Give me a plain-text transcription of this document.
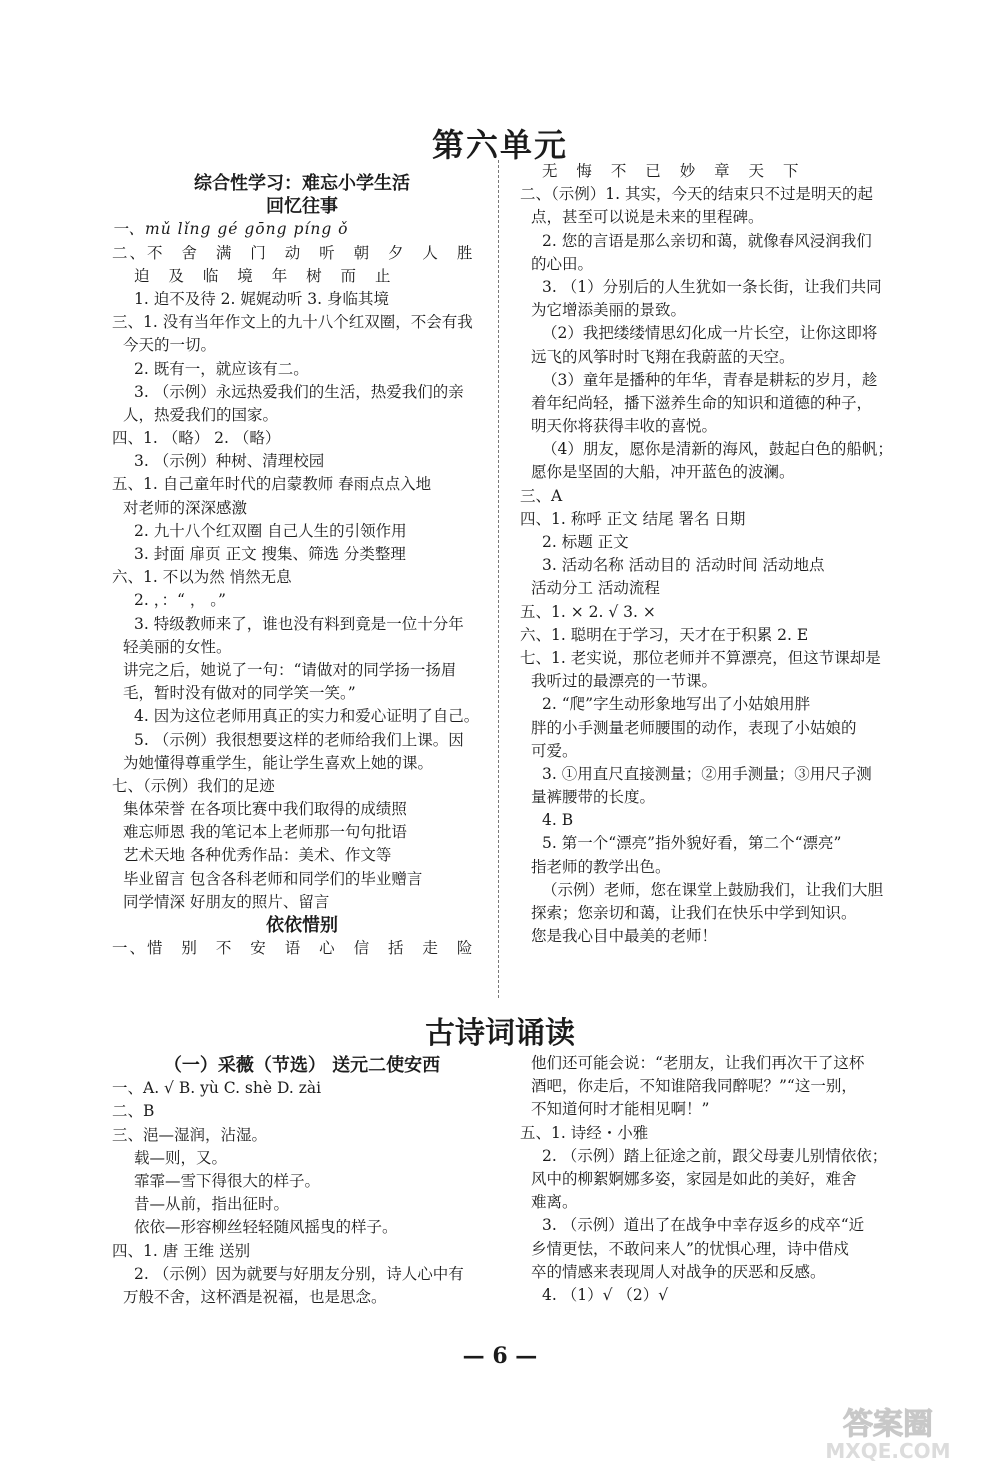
第六单元
综合性学习：难忘小学生活
回忆往事
一、mǔ lǐng gé gōng píng ǒ
二、不 舍 满 门 动 听 朝 夕 人 胜
迫 及 临 境 年 树 而 止
1. 迫不及待 2. 娓娓动听 3. 身临其境
三、1. 没有当年作文上的九十八个红双圈，不会有我
今天的一切。
2. 既有一，就应该有二。
3. （示例）永远热爱我们的生活，热爱我们的亲
人，热爱我们的国家。
四、1. （略） 2. （略）
3. （示例）种树、清理校园
五、1. 自己童年时代的启蒙教师 春雨点点入地
对老师的深深感激
2. 九十八个红双圈 自己人生的引领作用
3. 封面 扉页 正文 搜集、筛选 分类整理
六、1. 不以为然 悄然无息
2. ，：“ ， 。”
3. 特级教师来了，谁也没有料到竟是一位十分年
轻美丽的女性。
讲完之后，她说了一句：“请做对的同学扬一扬眉
毛，暂时没有做对的同学笑一笑。”
4. 因为这位老师用真正的实力和爱心证明了自己。
5. （示例）我很想要这样的老师给我们上课。因
为她懂得尊重学生，能让学生喜欢上她的课。
七、（示例）我们的足迹
集体荣誉 在各项比赛中我们取得的成绩照
难忘师恩 我的笔记本上老师那一句句批语
艺术天地 各种优秀作品：美术、作文等
毕业留言 包含各科老师和同学们的毕业赠言
同学情深 好朋友的照片、留言
依依惜别
一、惜 别 不 安 语 心 信 括 走 险
无 悔 不 已 妙 章 天 下
二、（示例）1. 其实，今天的结束只不过是明天的起
点，甚至可以说是未来的里程碑。
2. 您的言语是那么亲切和蔼，就像春风浸润我们
的心田。
3. （1）分别后的人生犹如一条长街，让我们共同
为它增添美丽的景致。
（2）我把缕缕情思幻化成一片长空，让你这即将
远飞的风筝时时飞翔在我蔚蓝的天空。
（3）童年是播种的年华，青春是耕耘的岁月，趁
着年纪尚轻，播下滋养生命的知识和道德的种子，
明天你将获得丰收的喜悦。
（4）朋友，愿你是清新的海风，鼓起白色的船帆；
愿你是坚固的大船，冲开蓝色的波澜。
三、A
四、1. 称呼 正文 结尾 署名 日期
2. 标题 正文
3. 活动名称 活动目的 活动时间 活动地点
活动分工 活动流程
五、1. × 2. √ 3. ×
六、1. 聪明在于学习，天才在于积累 2. E
七、1. 老实说，那位老师并不算漂亮，但这节课却是
我听过的最漂亮的一节课。
2. “爬”字生动形象地写出了小姑娘用胖
胖的小手测量老师腰围的动作，表现了小姑娘的
可爱。
3. ①用直尺直接测量；②用手测量；③用尺子测
量裤腰带的长度。
4. B
5. 第一个“漂亮”指外貌好看，第二个“漂亮”
指老师的教学出色。
（示例）老师，您在课堂上鼓励我们，让我们大胆
探索；您亲切和蔼，让我们在快乐中学到知识。
您是我心目中最美的老师！
古诗词诵读
（一）采薇（节选） 送元二使安西
一、A. √ B. yù C. shè D. zài
二、B
三、浥—湿润，沾湿。
载—则，又。
霏霏—雪下得很大的样子。
昔—从前，指出征时。
依依—形容柳丝轻轻随风摇曳的样子。
四、1. 唐 王维 送别
2. （示例）因为就要与好朋友分别，诗人心中有
万般不舍，这杯酒是祝福，也是思念。
他们还可能会说：“老朋友，让我们再次干了这杯
酒吧，你走后，不知谁陪我同醉呢？”“这一别，
不知道何时才能相见啊！”
五、1. 诗经・小雅
2. （示例）踏上征途之前，跟父母妻儿别情依依；
风中的柳絮婀娜多姿，家园是如此的美好，难舍
难离。
3. （示例）道出了在战争中幸存返乡的戍卒“近
乡情更怯，不敢问来人”的忧惧心理，诗中借戍
卒的情感来表现周人对战争的厌恶和反感。
4. （1）√ （2）√
— 6 —
答案圈
MXQE.COM
